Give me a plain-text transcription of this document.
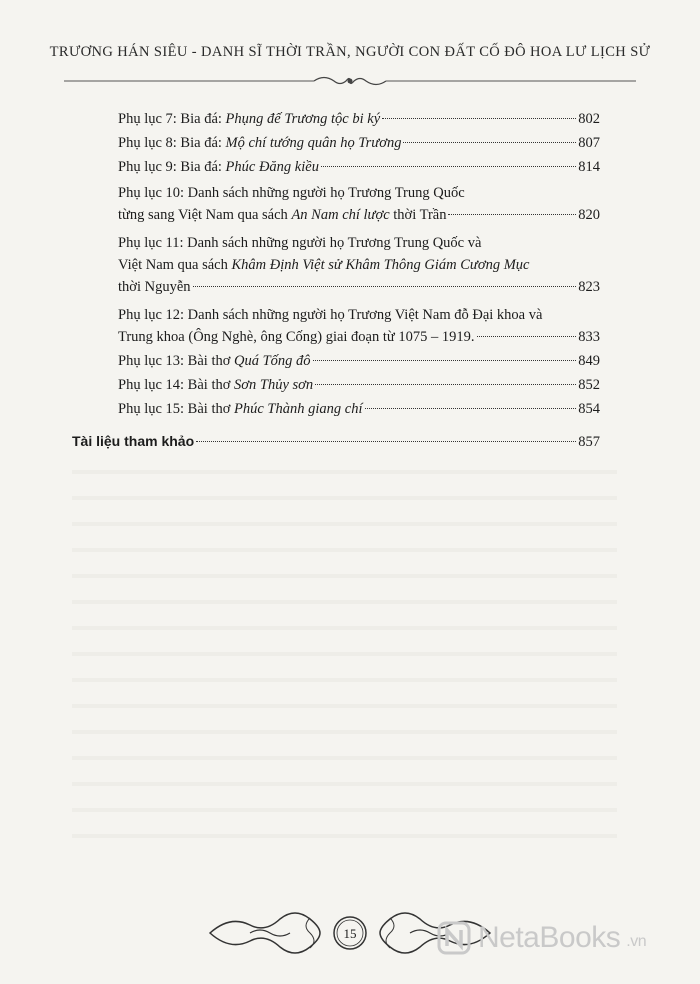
TRƯƠNG HÁN SIÊU - DANH SĨ THỜI TRẦN, NGƯỜI CON ĐẤT CỐ ĐÔ HOA LƯ LỊCH SỬ
Phụ lục 7: Bia đá: Phụng đế Trương tộc bi ký	802
Phụ lục 8: Bia đá: Mộ chí tướng quân họ Trương	807
Phụ lục 9: Bia đá: Phúc Đăng kiều	814
Phụ lục 10: Danh sách những người họ Trương Trung Quốc
từng sang Việt Nam qua sách An Nam chí lược thời Trần	820
Phụ lục 11: Danh sách những người họ Trương Trung Quốc và
Việt Nam qua sách Khâm Định Việt sử Khâm Thông Giám Cương Mục
thời Nguyễn	823
Phụ lục 12: Danh sách những người họ Trương Việt Nam đỗ Đại khoa và
Trung khoa (Ông Nghè, ông Cống) giai đoạn từ 1075 – 1919.	833
Phụ lục 13: Bài thơ Quá Tống đô	849
Phụ lục 14: Bài thơ Sơn Thủy sơn	852
Phụ lục 15: Bài thơ Phúc Thành giang chí	854
Tài liệu tham khảo	857
15	NetaBooks .vn
